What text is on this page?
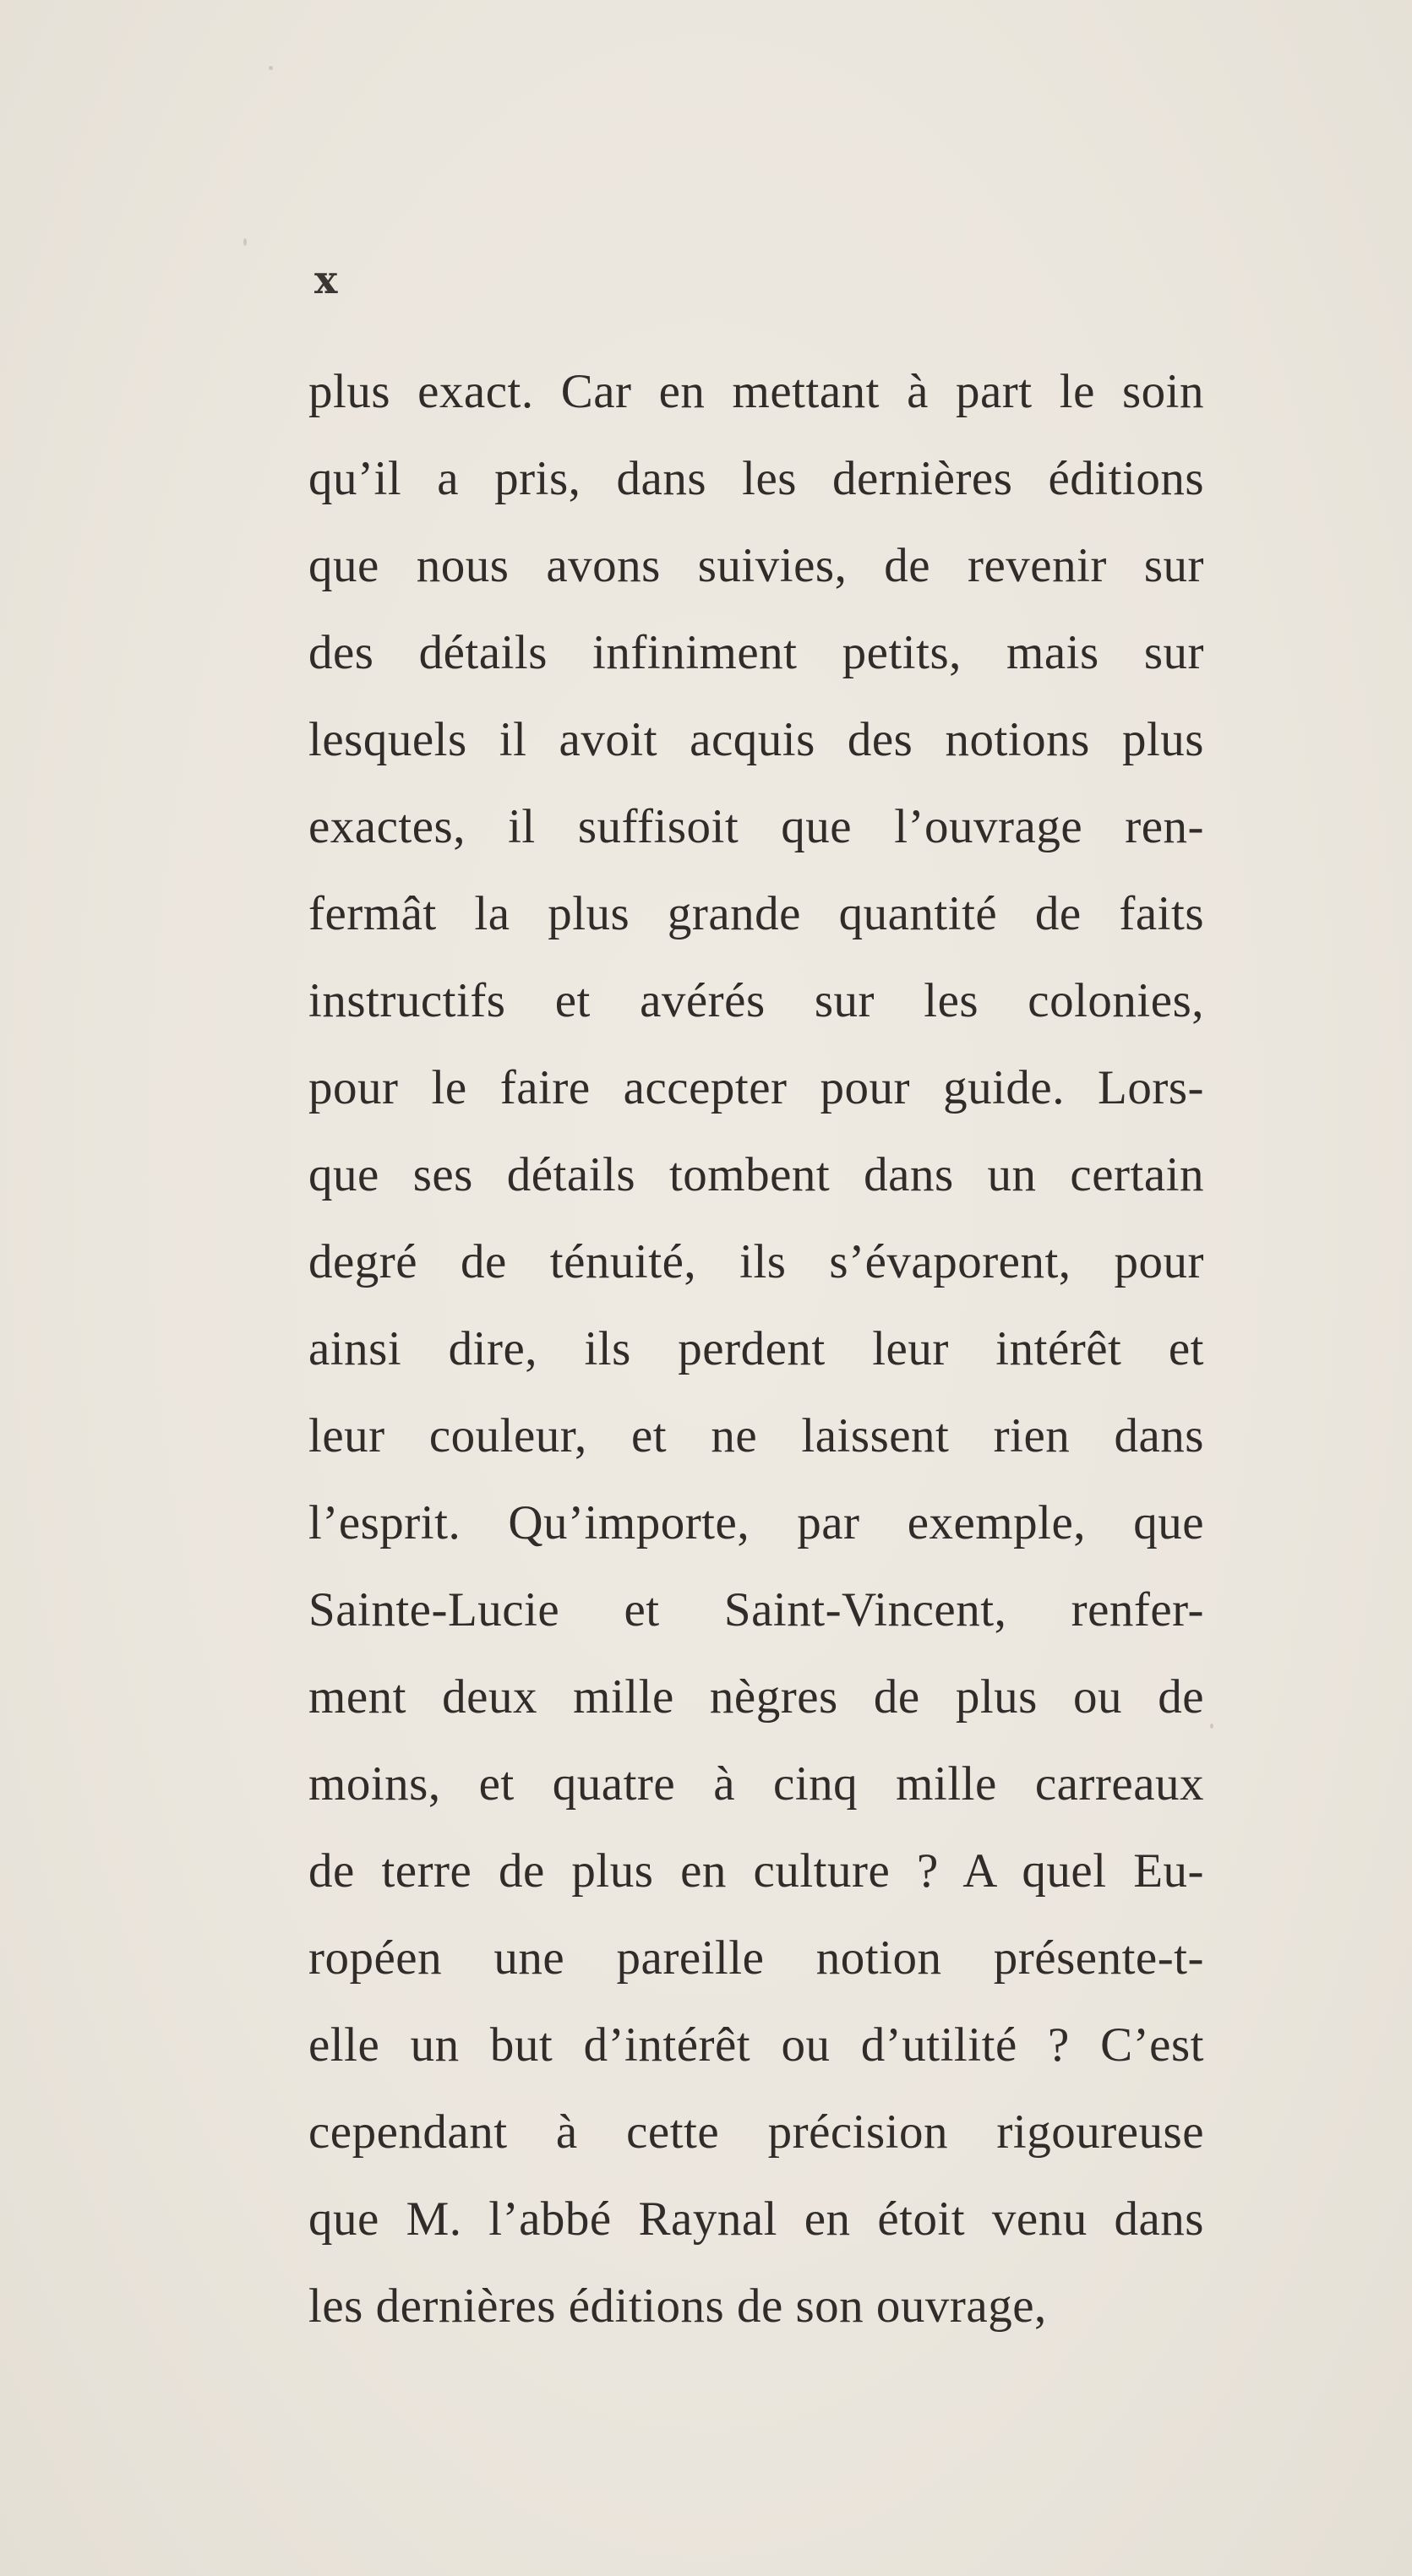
x
plus exact. Car en mettant à part le soin
qu’il a pris, dans les dernières éditions
que nous avons suivies, de revenir sur
des détails infiniment petits, mais sur
lesquels il avoit acquis des notions plus
exactes, il suffisoit que l’ouvrage ren-
fermât la plus grande quantité de faits
instructifs et avérés sur les colonies,
pour le faire accepter pour guide. Lors-
que ses détails tombent dans un certain
degré de ténuité, ils s’évaporent, pour
ainsi dire, ils perdent leur intérêt et
leur couleur, et ne laissent rien dans
l’esprit. Qu’importe, par exemple, que
Sainte-Lucie et Saint-Vincent, renfer-
ment deux mille nègres de plus ou de
moins, et quatre à cinq mille carreaux
de terre de plus en culture ? A quel Eu-
ropéen une pareille notion présente-t-
elle un but d’intérêt ou d’utilité ? C’est
cependant à cette précision rigoureuse
que M. l’abbé Raynal en étoit venu dans
les dernières éditions de son ouvrage,
